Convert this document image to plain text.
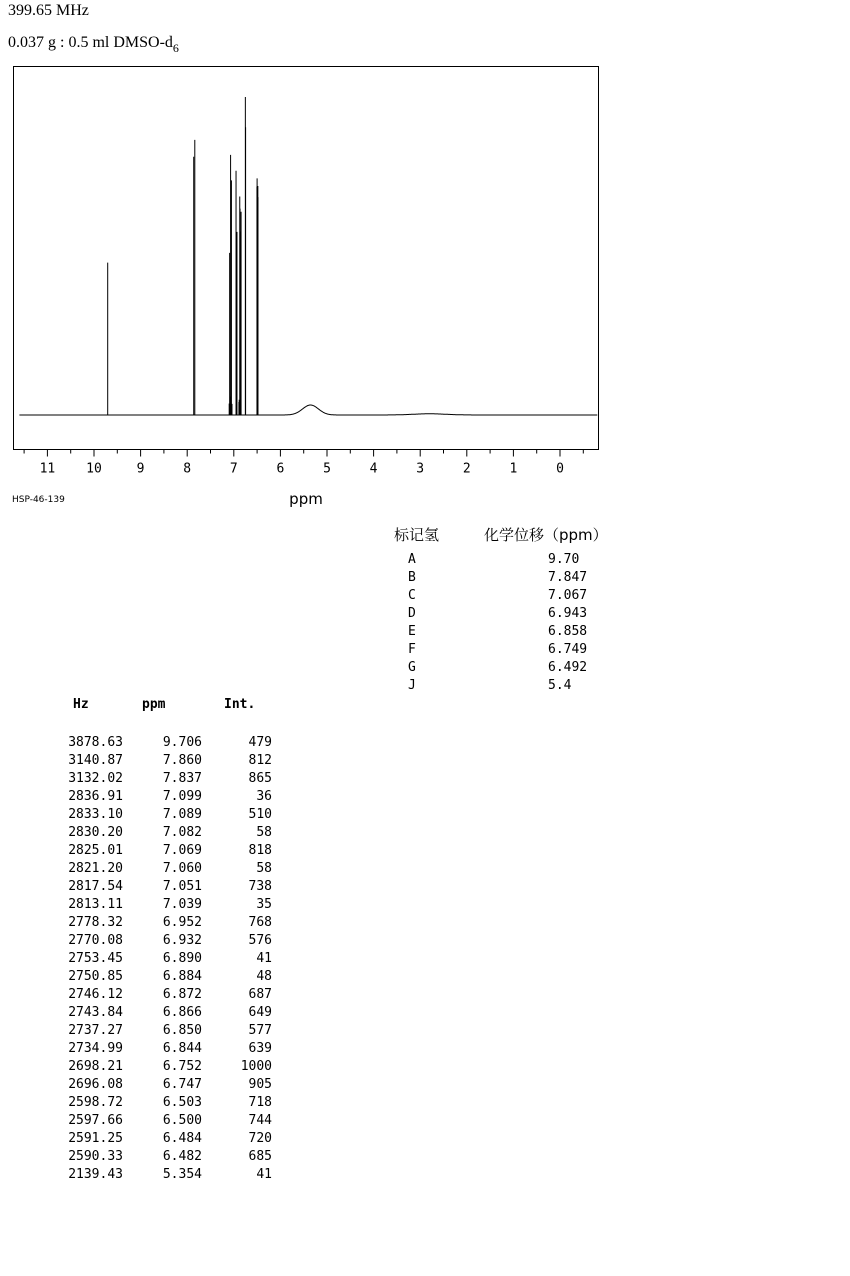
399.65 MHz
0.037 g : 0.5 ml DMSO-$d_6$
11 10	9	8	7	6	5	4	3	2	1	0
ppm
HSP-46-139
标记氢	化学位移（ppm）
A	9.70
B	7.847
C	7.067
D	6.943
E	6.858
F	6.749
G	6.492
J	5.4
Hz	ppm	Int.
3878.63	9.706	479
3140.87	7.860	812
3132.02	7.837	865
2836.91	7.099	36
2833.10	7.089	510
2830.20	7.082	58
2825.01	7.069	818
2821.20	7.060	58
2817.54	7.051	738
2813.11	7.039	35
2778.32	6.952	768
2770.08	6.932	576
2753.45	6.890	41
2750.85	6.884	48
2746.12	6.872	687
2743.84	6.866	649
2737.27	6.850	577
2734.99	6.844	639
2698.21	6.752	1000
2696.08	6.747	905
2598.72	6.503	718
2597.66	6.500	744
2591.25	6.484	720
2590.33	6.482	685
2139.43	5.354	41
